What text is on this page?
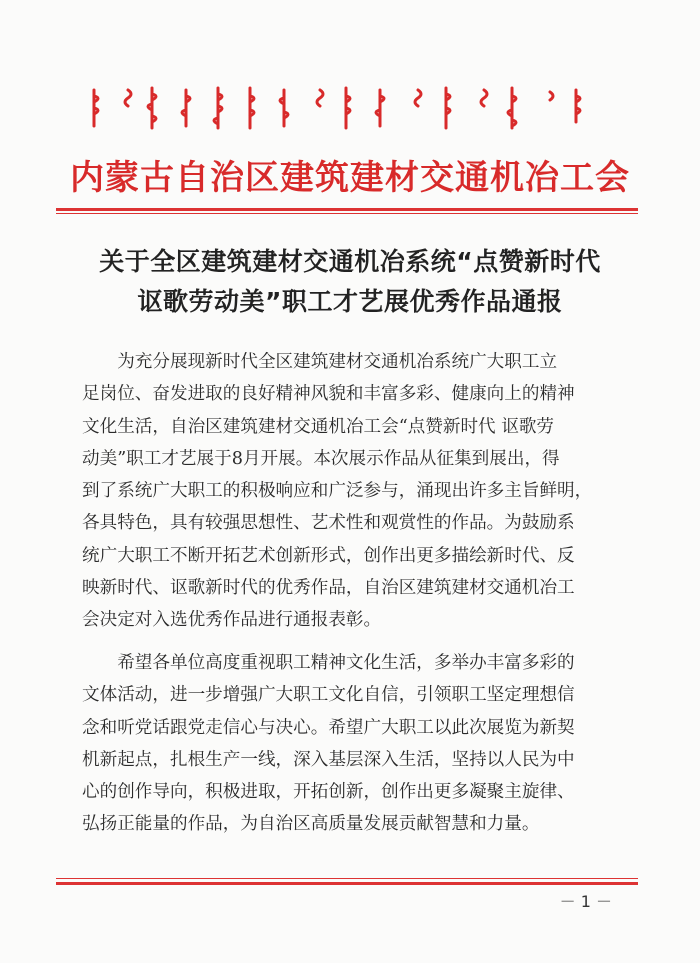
内蒙古自治区建筑建材交通机冶工会
关于全区建筑建材交通机冶系统“点赞新时代
讴歌劳动美”职工才艺展优秀作品通报
　　为充分展现新时代全区建筑建材交通机冶系统广大职工立
足岗位、奋发进取的良好精神风貌和丰富多彩、健康向上的精神
文化生活，自治区建筑建材交通机冶工会“点赞新时代 讴歌劳
动美”职工才艺展于8月开展。本次展示作品从征集到展出，得
到了系统广大职工的积极响应和广泛参与，涌现出许多主旨鲜明，
各具特色，具有较强思想性、艺术性和观赏性的作品。为鼓励系
统广大职工不断开拓艺术创新形式，创作出更多描绘新时代、反
映新时代、讴歌新时代的优秀作品，自治区建筑建材交通机冶工
会决定对入选优秀作品进行通报表彰。
　　希望各单位高度重视职工精神文化生活，多举办丰富多彩的
文体活动，进一步增强广大职工文化自信，引领职工坚定理想信
念和听党话跟党走信心与决心。希望广大职工以此次展览为新契
机新起点，扎根生产一线，深入基层深入生活，坚持以人民为中
心的创作导向，积极进取，开拓创新，创作出更多凝聚主旋律、
弘扬正能量的作品，为自治区高质量发展贡献智慧和力量。
－ 1 －
